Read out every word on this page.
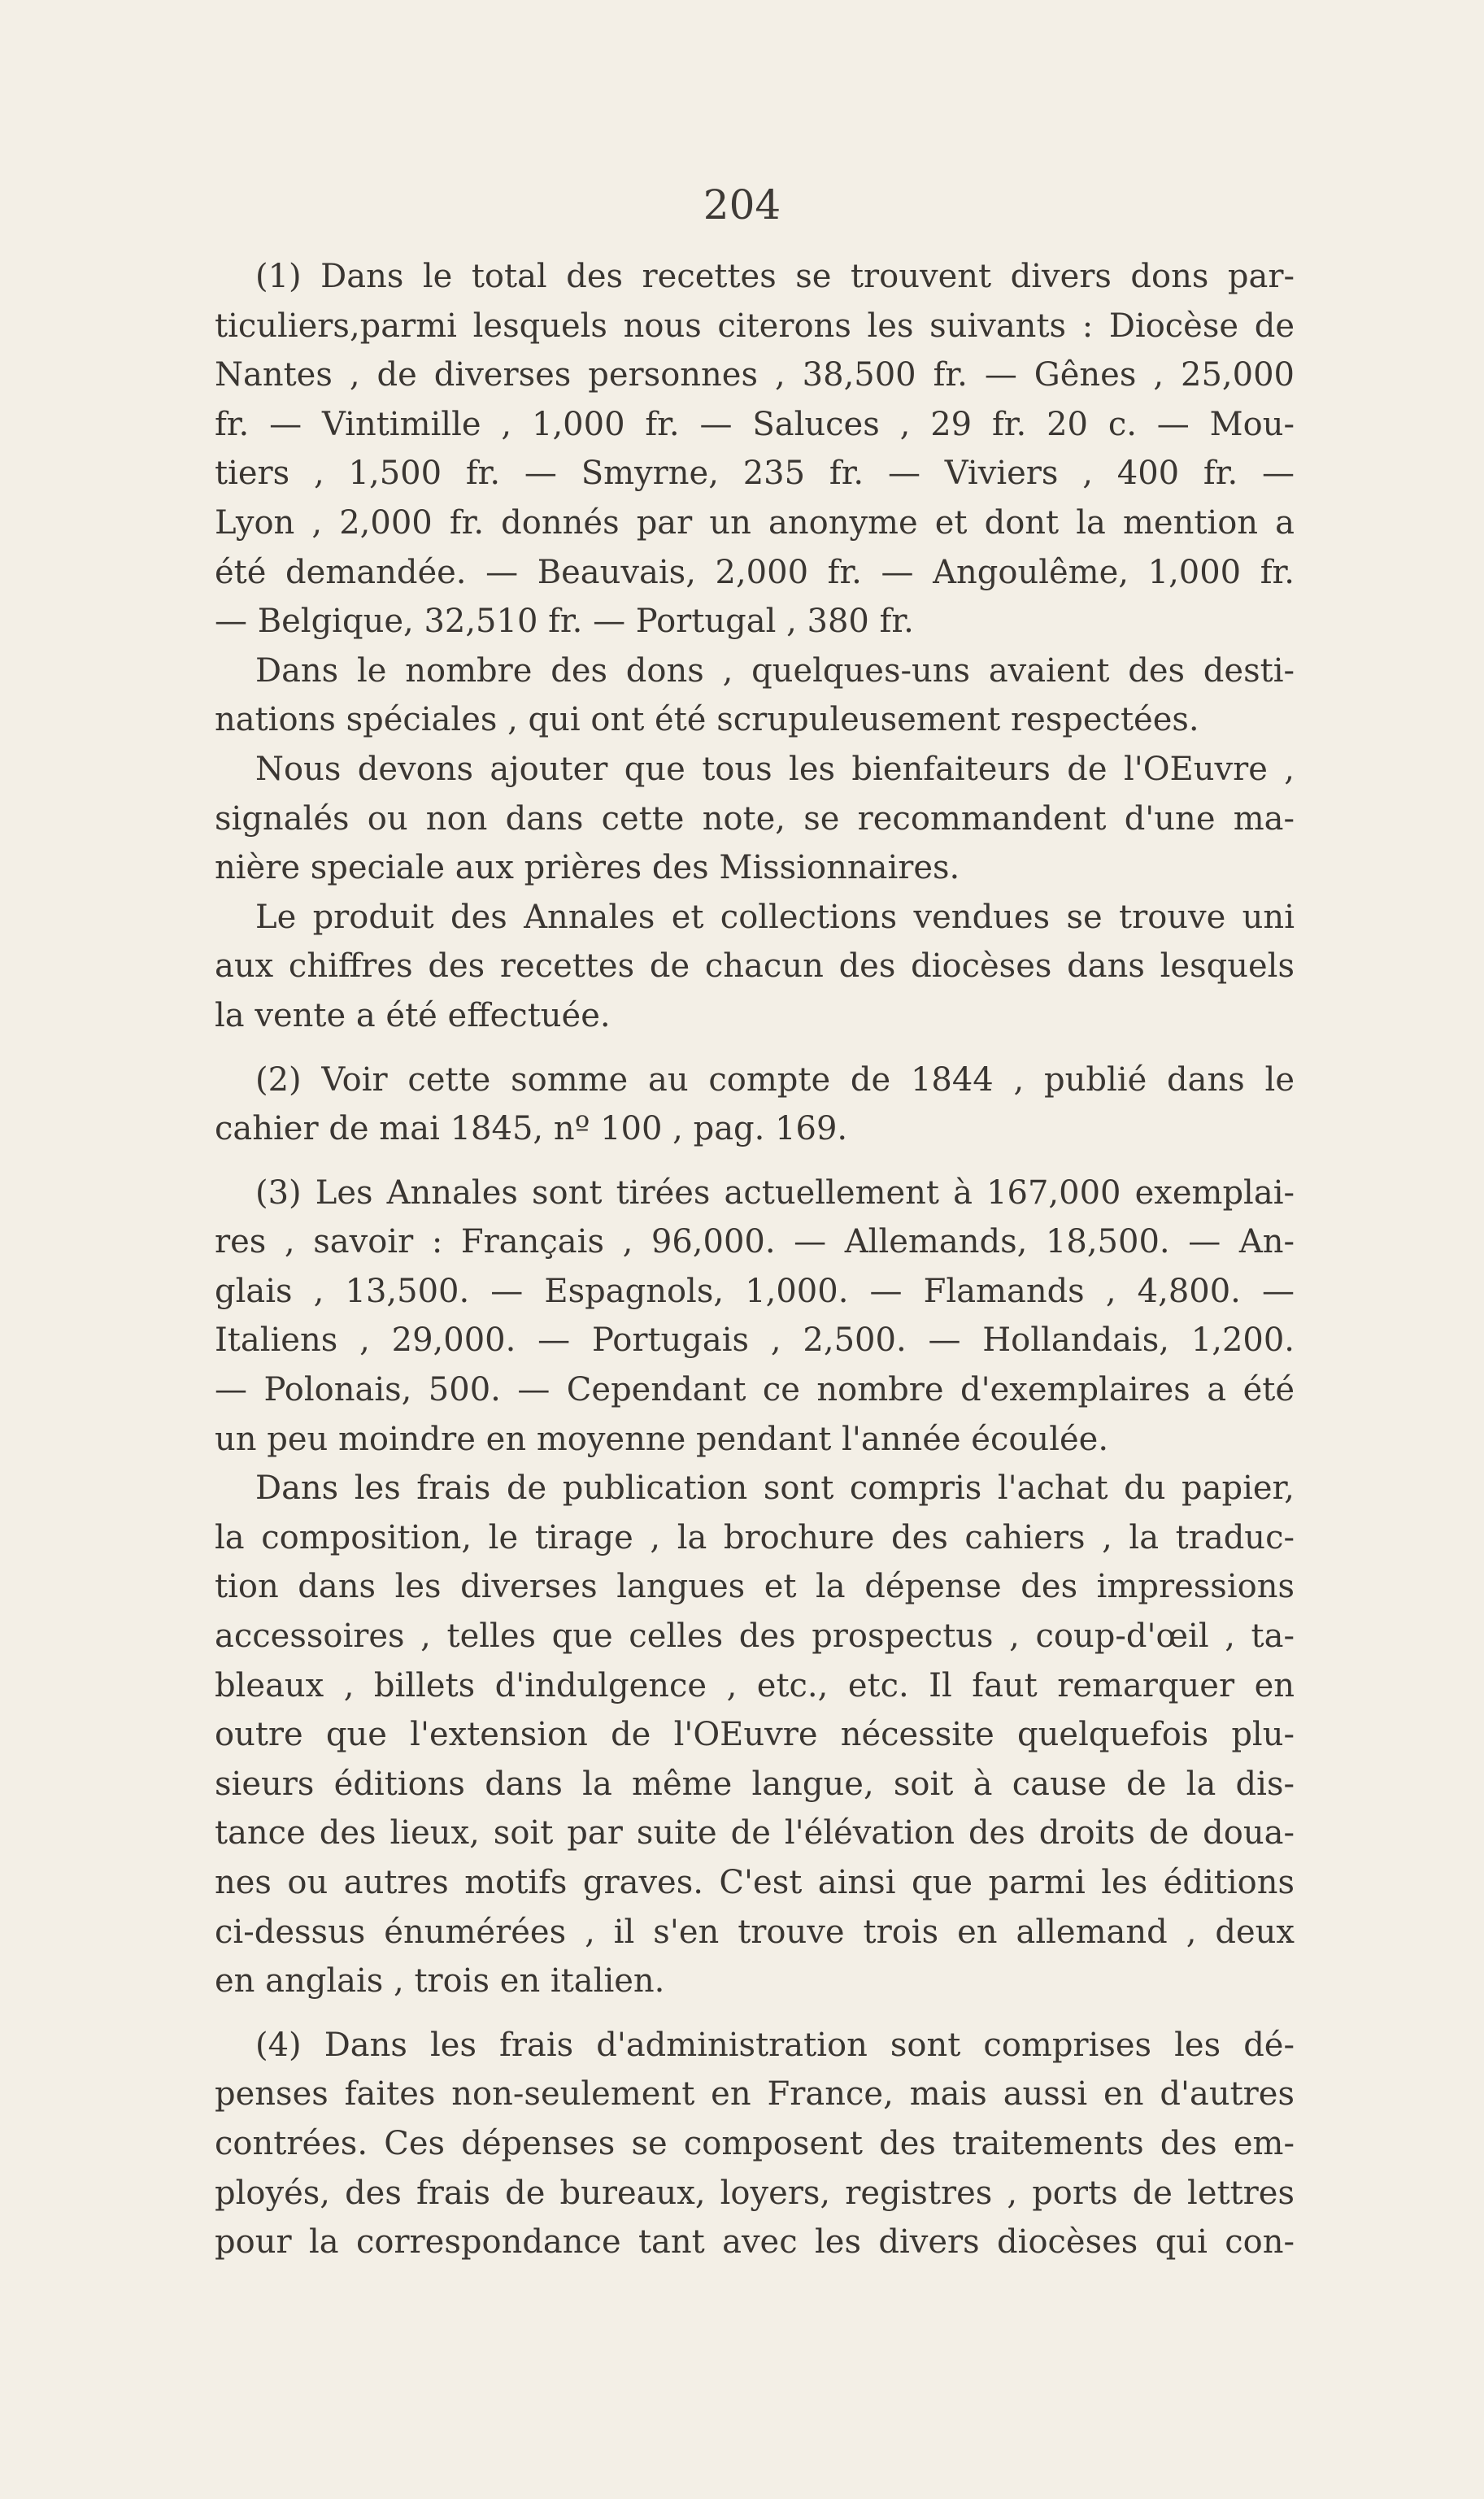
204
(1) Dans le total des recettes se trouvent divers dons par-
ticuliers,parmi lesquels nous citerons les suivants : Diocèse de
Nantes , de diverses personnes , 38,500 fr. — Gênes , 25,000
fr. — Vintimille , 1,000 fr. — Saluces , 29 fr. 20 c. — Mou-
tiers , 1,500 fr. — Smyrne, 235 fr. — Viviers , 400 fr. —
Lyon , 2,000 fr. donnés par un anonyme et dont la mention a
été demandée. — Beauvais, 2,000 fr. — Angoulême, 1,000 fr.
— Belgique, 32,510 fr. — Portugal , 380 fr.
Dans le nombre des dons , quelques-uns avaient des desti-
nations spéciales , qui ont été scrupuleusement respectées.
Nous devons ajouter que tous les bienfaiteurs de l'OEuvre ,
signalés ou non dans cette note, se recommandent d'une ma-
nière speciale aux prières des Missionnaires.
Le produit des Annales et collections vendues se trouve uni
aux chiffres des recettes de chacun des diocèses dans lesquels
la vente a été effectuée.
(2) Voir cette somme au compte de 1844 , publié dans le
cahier de mai 1845, nº 100 , pag. 169.
(3) Les Annales sont tirées actuellement à 167,000 exemplai-
res , savoir : Français , 96,000. — Allemands, 18,500. — An-
glais , 13,500. — Espagnols, 1,000. — Flamands , 4,800. —
Italiens , 29,000. — Portugais , 2,500. — Hollandais, 1,200.
— Polonais, 500. — Cependant ce nombre d'exemplaires a été
un peu moindre en moyenne pendant l'année écoulée.
Dans les frais de publication sont compris l'achat du papier,
la composition, le tirage , la brochure des cahiers , la traduc-
tion dans les diverses langues et la dépense des impressions
accessoires , telles que celles des prospectus , coup-d'œil , ta-
bleaux , billets d'indulgence , etc., etc. Il faut remarquer en
outre que l'extension de l'OEuvre nécessite quelquefois plu-
sieurs éditions dans la même langue, soit à cause de la dis-
tance des lieux, soit par suite de l'élévation des droits de doua-
nes ou autres motifs graves. C'est ainsi que parmi les éditions
ci-dessus énumérées , il s'en trouve trois en allemand , deux
en anglais , trois en italien.
(4) Dans les frais d'administration sont comprises les dé-
penses faites non-seulement en France, mais aussi en d'autres
contrées. Ces dépenses se composent des traitements des em-
ployés, des frais de bureaux, loyers, registres , ports de lettres
pour la correspondance tant avec les divers diocèses qui con-
